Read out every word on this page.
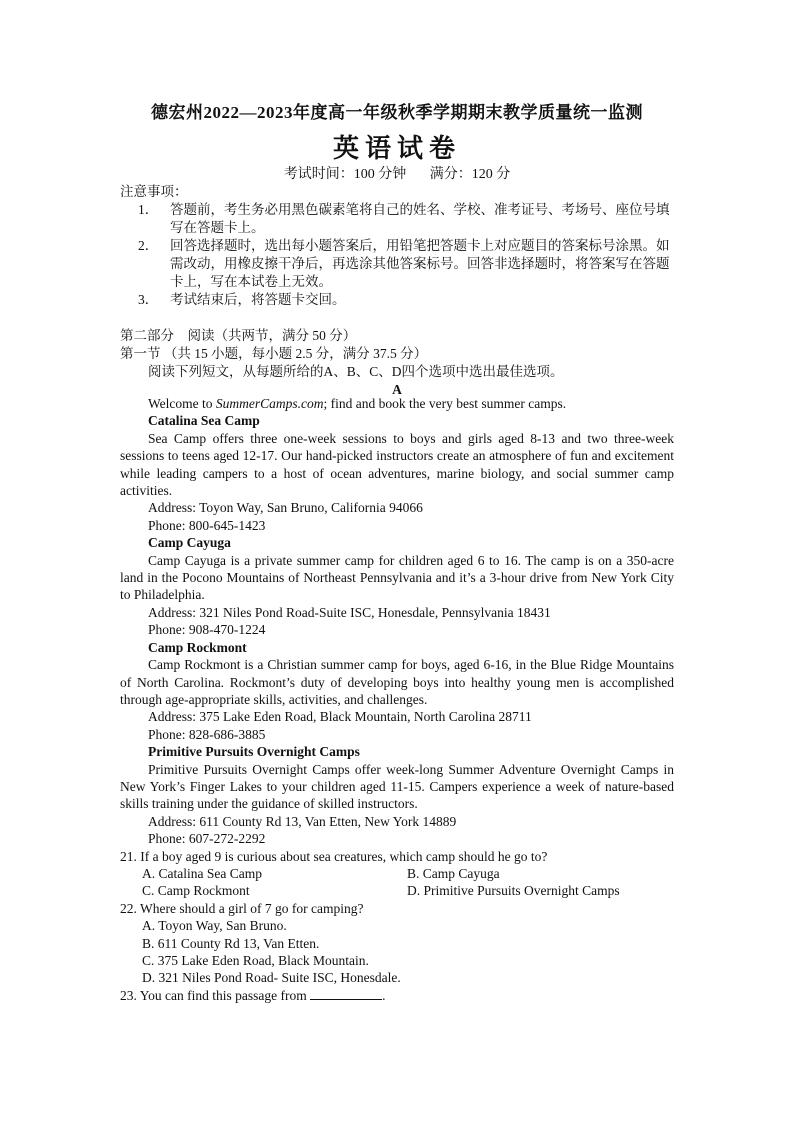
德宏州2022—2023年度高一年级秋季学期期末教学质量统一监测
英语试卷
考试时间：100 分钟 满分：120 分
注意事项：
1． 答题前，考生务必用黑色碳素笔将自己的姓名、学校、准考证号、考场号、座位号填写在答题卡上。
2． 回答选择题时，选出每小题答案后，用铅笔把答题卡上对应题目的答案标号涂黑。如需改动，用橡皮擦干净后，再选涂其他答案标号。回答非选择题时，将答案写在答题卡上，写在本试卷上无效。
3． 考试结束后，将答题卡交回。
第二部分　阅读（共两节，满分 50 分）
第一节 （共 15 小题，每小题 2.5 分，满分 37.5 分）
阅读下列短文，从每题所给的A、B、C、D四个选项中选出最佳选项。
A
Welcome to SummerCamps.com; find and book the very best summer camps.
Catalina Sea Camp
Sea Camp offers three one-week sessions to boys and girls aged 8-13 and two three-week sessions to teens aged 12-17. Our hand-picked instructors create an atmosphere of fun and excitement while leading campers to a host of ocean adventures, marine biology, and social summer camp activities.
Address: Toyon Way, San Bruno, California 94066
Phone: 800-645-1423
Camp Cayuga
Camp Cayuga is a private summer camp for children aged 6 to 16. The camp is on a 350-acre land in the Pocono Mountains of Northeast Pennsylvania and it’s a 3-hour drive from New York City to Philadelphia.
Address: 321 Niles Pond Road-Suite ISC, Honesdale, Pennsylvania 18431
Phone: 908-470-1224
Camp Rockmont
Camp Rockmont is a Christian summer camp for boys, aged 6-16, in the Blue Ridge Mountains of North Carolina. Rockmont’s duty of developing boys into healthy young men is accomplished through age-appropriate skills, activities, and challenges.
Address: 375 Lake Eden Road, Black Mountain, North Carolina 28711
Phone: 828-686-3885
Primitive Pursuits Overnight Camps
Primitive Pursuits Overnight Camps offer week-long Summer Adventure Overnight Camps in New York’s Finger Lakes to your children aged 11-15. Campers experience a week of nature-based skills training under the guidance of skilled instructors.
Address: 611 County Rd 13, Van Etten, New York 14889
Phone: 607-272-2292
21. If a boy aged 9 is curious about sea creatures, which camp should he go to?
A. Catalina Sea Camp	B. Camp Cayuga
C. Camp Rockmont	D. Primitive Pursuits Overnight Camps
22. Where should a girl of 7 go for camping?
A. Toyon Way, San Bruno.
B. 611 County Rd 13, Van Etten.
C. 375 Lake Eden Road, Black Mountain.
D. 321 Niles Pond Road- Suite ISC, Honesdale.
23. You can find this passage from	.
